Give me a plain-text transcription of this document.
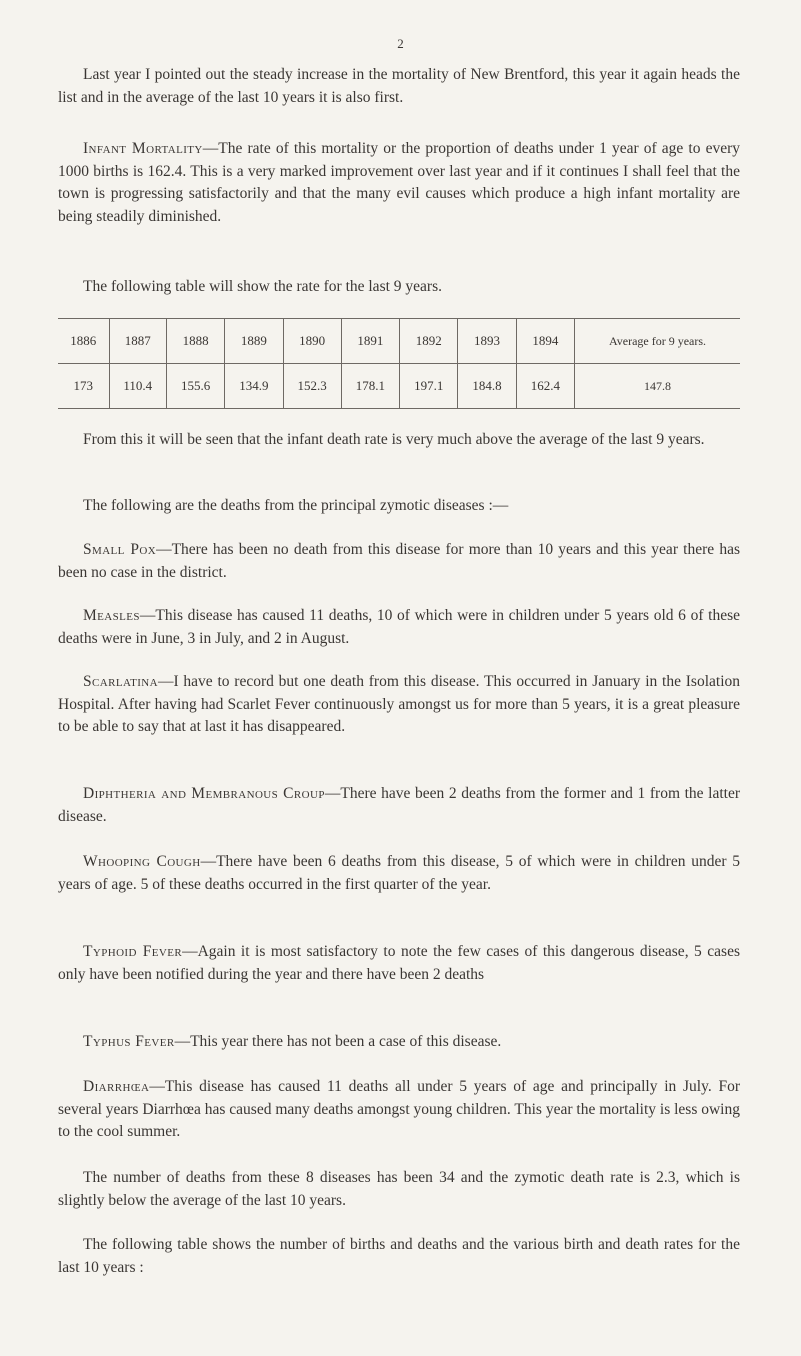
2

Last year I pointed out the steady increase in the mortality of New Brentford, this year it again heads the list and in the average of the last 10 years it is also first.

Infant Mortality—The rate of this mortality or the proportion of deaths under 1 year of age to every 1000 births is 162.4. This is a very marked improvement over last year and if it continues I shall feel that the town is progressing satisfactorily and that the many evil causes which produce a high infant mortality are being steadily diminished.

The following table will show the rate for the last 9 years.

1886	1887	1888	1889	1890	1891	1892	1893	1894	Average for 9 years.
173	110.4	155.6	134.9	152.3	178.1	197.1	184.8	162.4	147.8

From this it will be seen that the infant death rate is very much above the average of the last 9 years.

The following are the deaths from the principal zymotic diseases :—

Small Pox—There has been no death from this disease for more than 10 years and this year there has been no case in the district.

Measles—This disease has caused 11 deaths, 10 of which were in children under 5 years old 6 of these deaths were in June, 3 in July, and 2 in August.

Scarlatina—I have to record but one death from this disease. This occurred in January in the Isolation Hospital. After having had Scarlet Fever continuously amongst us for more than 5 years, it is a great pleasure to be able to say that at last it has disappeared.

Diphtheria and Membranous Croup—There have been 2 deaths from the former and 1 from the latter disease.

Whooping Cough—There have been 6 deaths from this disease, 5 of which were in children under 5 years of age. 5 of these deaths occurred in the first quarter of the year.

Typhoid Fever—Again it is most satisfactory to note the few cases of this dangerous disease, 5 cases only have been notified during the year and there have been 2 deaths

Typhus Fever—This year there has not been a case of this disease.

Diarrhœa—This disease has caused 11 deaths all under 5 years of age and principally in July. For several years Diarrhœa has caused many deaths amongst young children. This year the mortality is less owing to the cool summer.

The number of deaths from these 8 diseases has been 34 and the zymotic death rate is 2.3, which is slightly below the average of the last 10 years.

The following table shows the number of births and deaths and the various birth and death rates for the last 10 years :
